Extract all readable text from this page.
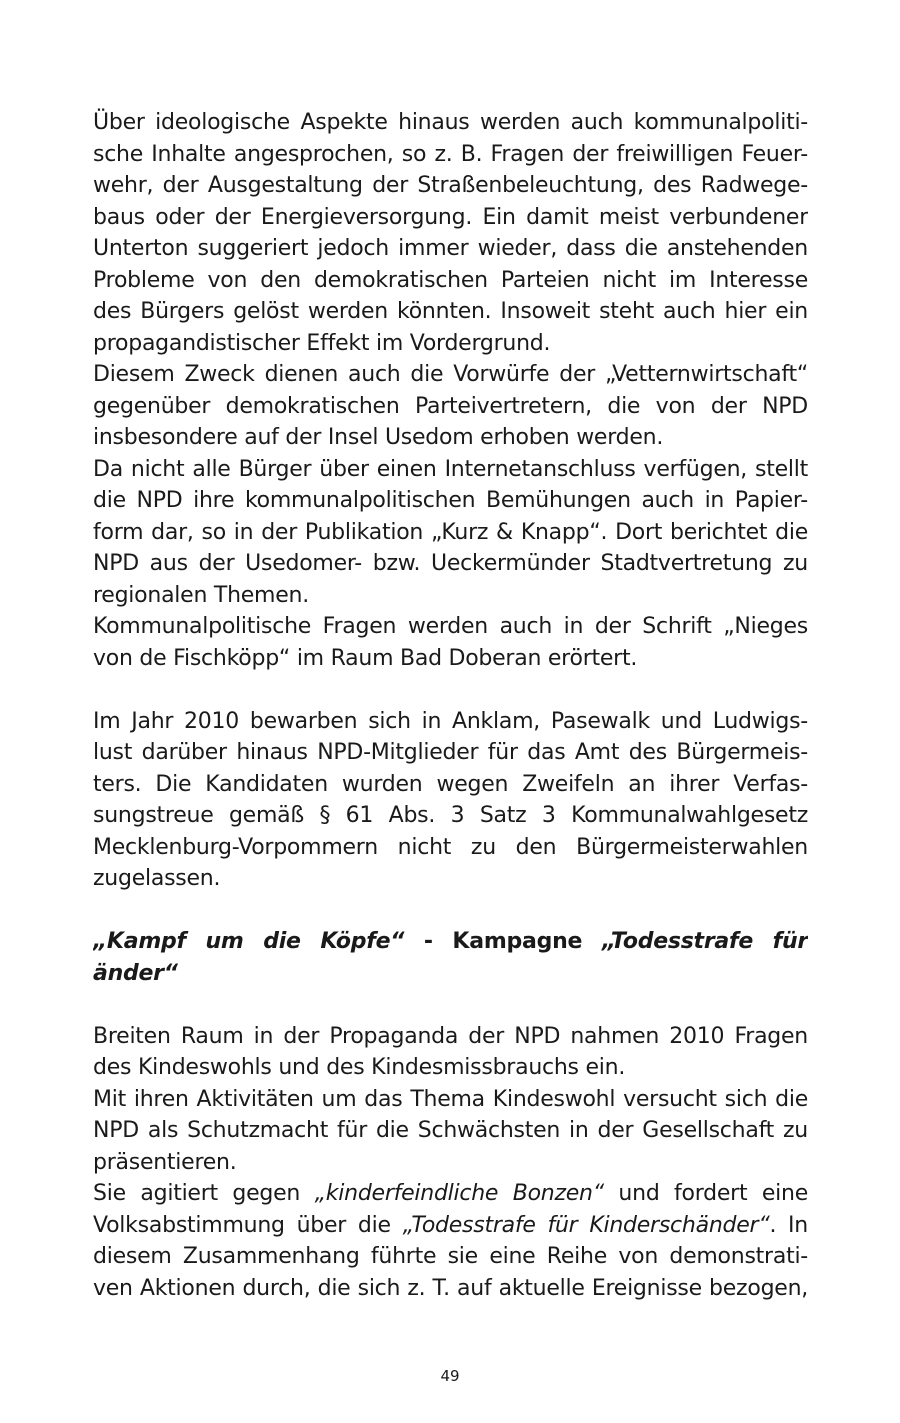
Über ideologische Aspekte hinaus werden auch kommunalpoliti-
sche Inhalte angesprochen, so z. B. Fragen der freiwilligen Feuer-
wehr, der Ausgestaltung der Straßenbeleuchtung, des Radwege-
baus oder der Energieversorgung. Ein damit meist verbundener
Unterton suggeriert jedoch immer wieder, dass die anstehenden
Probleme von den demokratischen Parteien nicht im Interesse
des Bürgers gelöst werden könnten. Insoweit steht auch hier ein
propagandistischer Effekt im Vordergrund.
Diesem Zweck dienen auch die Vorwürfe der „Vetternwirtschaft“
gegenüber demokratischen Parteivertretern, die von der NPD
insbesondere auf der Insel Usedom erhoben werden.
Da nicht alle Bürger über einen Internetanschluss verfügen, stellt
die NPD ihre kommunalpolitischen Bemühungen auch in Papier-
form dar, so in der Publikation „Kurz & Knapp“. Dort berichtet die
NPD aus der Usedomer- bzw. Ueckermünder Stadtvertretung zu
regionalen Themen.
Kommunalpolitische Fragen werden auch in der Schrift „Nieges
von de Fischköpp“ im Raum Bad Doberan erörtert.
Im Jahr 2010 bewarben sich in Anklam, Pasewalk und Ludwigs-
lust darüber hinaus NPD-Mitglieder für das Amt des Bürgermeis-
ters. Die Kandidaten wurden wegen Zweifeln an ihrer Verfas-
sungstreue gemäß § 61 Abs. 3 Satz 3 Kommunalwahlgesetz
Mecklenburg-Vorpommern nicht zu den Bürgermeisterwahlen
zugelassen.
„Kampf um die Köpfe“ - Kampagne „Todesstrafe für
änder“
Breiten Raum in der Propaganda der NPD nahmen 2010 Fragen
des Kindeswohls und des Kindesmissbrauchs ein.
Mit ihren Aktivitäten um das Thema Kindeswohl versucht sich die
NPD als Schutzmacht für die Schwächsten in der Gesellschaft zu
präsentieren.
Sie agitiert gegen „kinderfeindliche Bonzen“ und fordert eine
Volksabstimmung über die „Todesstrafe für Kinderschänder“. In
diesem Zusammenhang führte sie eine Reihe von demonstrati-
ven Aktionen durch, die sich z. T. auf aktuelle Ereignisse bezogen,
49
